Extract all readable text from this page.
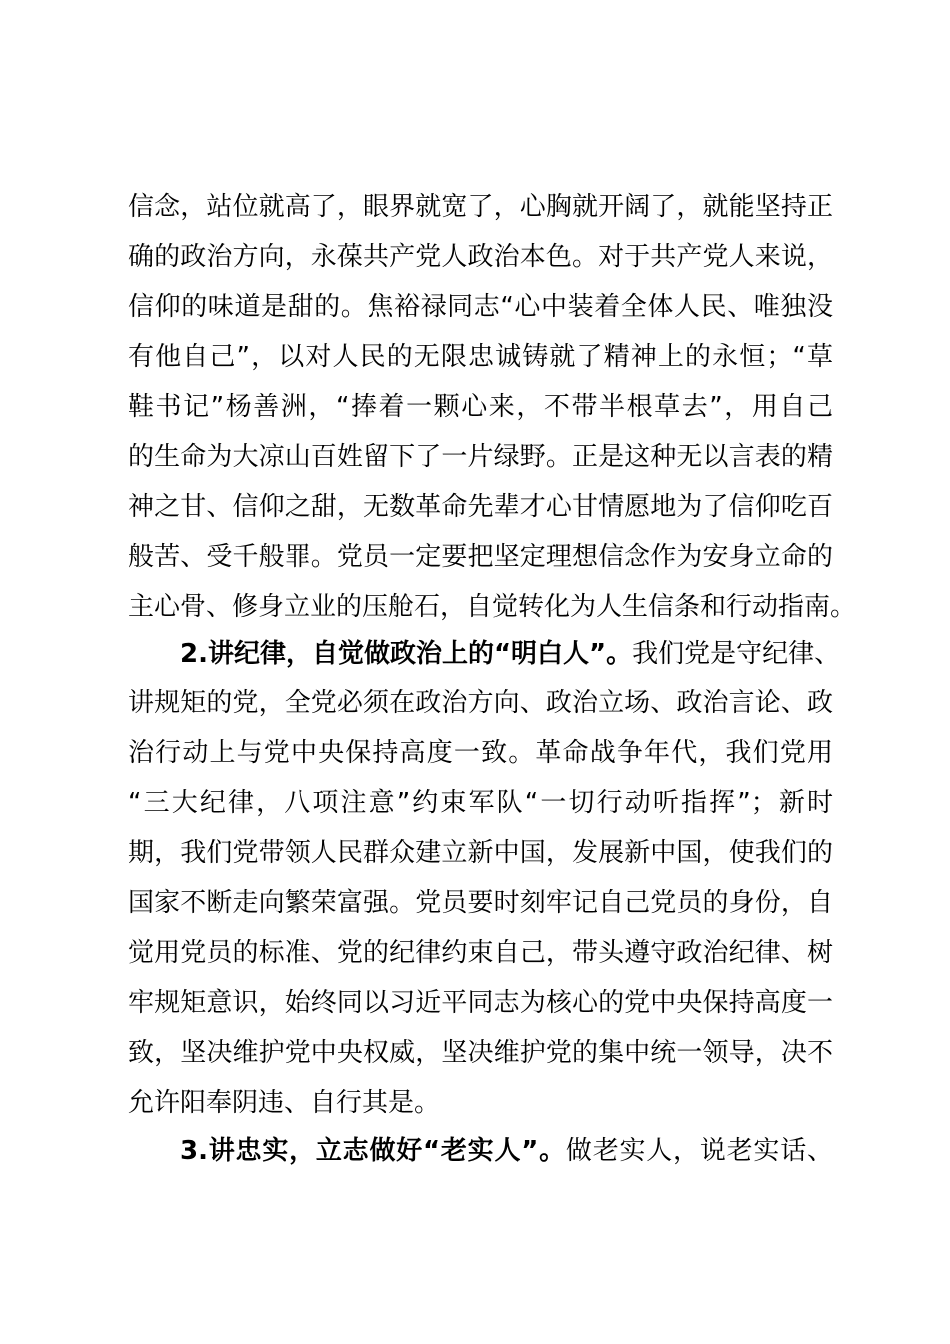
信念，站位就高了，眼界就宽了，心胸就开阔了，就能坚持正
确的政治方向，永葆共产党人政治本色。对于共产党人来说，
信仰的味道是甜的。焦裕禄同志“心中装着全体人民、唯独没
有他自己”，以对人民的无限忠诚铸就了精神上的永恒；“草
鞋书记”杨善洲，“捧着一颗心来，不带半根草去”，用自己
的生命为大凉山百姓留下了一片绿野。正是这种无以言表的精
神之甘、信仰之甜，无数革命先辈才心甘情愿地为了信仰吃百
般苦、受千般罪。党员一定要把坚定理想信念作为安身立命的
主心骨、修身立业的压舱石，自觉转化为人生信条和行动指南。
2.讲纪律，自觉做政治上的“明白人”。我们党是守纪律、
讲规矩的党，全党必须在政治方向、政治立场、政治言论、政
治行动上与党中央保持高度一致。革命战争年代，我们党用
“三大纪律，八项注意”约束军队“一切行动听指挥”；新时
期，我们党带领人民群众建立新中国，发展新中国，使我们的
国家不断走向繁荣富强。党员要时刻牢记自己党员的身份，自
觉用党员的标准、党的纪律约束自己，带头遵守政治纪律、树
牢规矩意识，始终同以习近平同志为核心的党中央保持高度一
致，坚决维护党中央权威，坚决维护党的集中统一领导，决不
允许阳奉阴违、自行其是。
3.讲忠实，立志做好“老实人”。做老实人，说老实话、
